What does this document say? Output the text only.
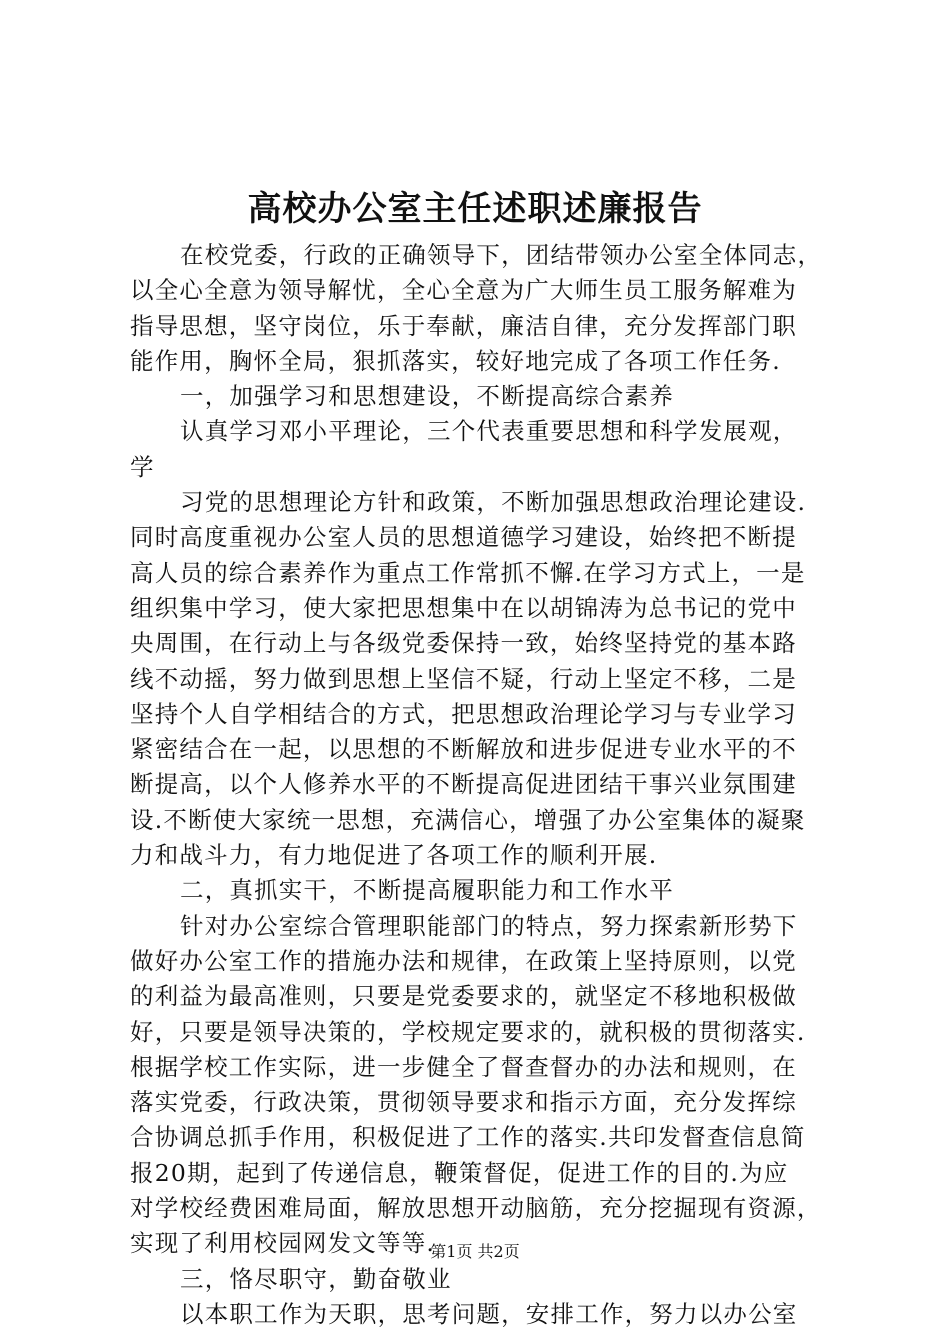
高校办公室主任述职述廉报告
在校党委，行政的正确领导下，团结带领办公室全体同志，
以全心全意为领导解忧，全心全意为广大师生员工服务解难为
指导思想，坚守岗位，乐于奉献，廉洁自律，充分发挥部门职
能作用，胸怀全局，狠抓落实，较好地完成了各项工作任务.
一，加强学习和思想建设，不断提高综合素养
认真学习邓小平理论，三个代表重要思想和科学发展观，
学
习党的思想理论方针和政策，不断加强思想政治理论建设.
同时高度重视办公室人员的思想道德学习建设，始终把不断提
高人员的综合素养作为重点工作常抓不懈.在学习方式上，一是
组织集中学习，使大家把思想集中在以胡锦涛为总书记的党中
央周围，在行动上与各级党委保持一致，始终坚持党的基本路
线不动摇，努力做到思想上坚信不疑，行动上坚定不移，二是
坚持个人自学相结合的方式，把思想政治理论学习与专业学习
紧密结合在一起，以思想的不断解放和进步促进专业水平的不
断提高，以个人修养水平的不断提高促进团结干事兴业氛围建
设.不断使大家统一思想，充满信心，增强了办公室集体的凝聚
力和战斗力，有力地促进了各项工作的顺利开展.
二，真抓实干，不断提高履职能力和工作水平
针对办公室综合管理职能部门的特点，努力探索新形势下
做好办公室工作的措施办法和规律，在政策上坚持原则，以党
的利益为最高准则，只要是党委要求的，就坚定不移地积极做
好，只要是领导决策的，学校规定要求的，就积极的贯彻落实.
根据学校工作实际，进一步健全了督查督办的办法和规则，在
落实党委，行政决策，贯彻领导要求和指示方面，充分发挥综
合协调总抓手作用，积极促进了工作的落实.共印发督查信息简
报20期，起到了传递信息，鞭策督促，促进工作的目的.为应
对学校经费困难局面，解放思想开动脑筋，充分挖掘现有资源，
实现了利用校园网发文等等.
三，恪尽职守，勤奋敬业
以本职工作为天职，思考问题，安排工作，努力以办公室
第1页 共2页
